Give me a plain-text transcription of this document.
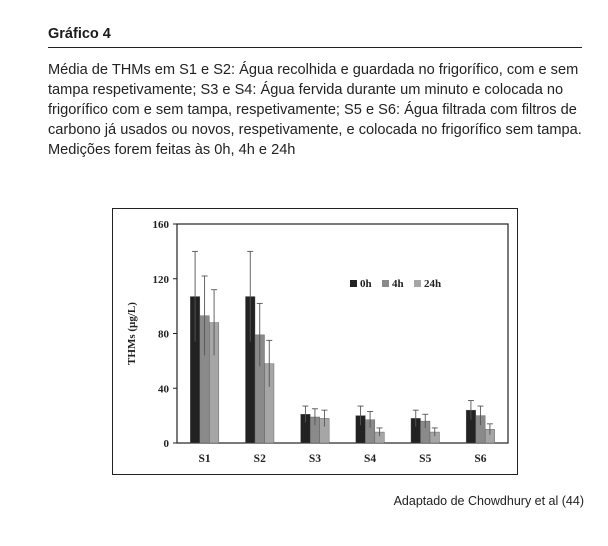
Gráfico 4
Média de THMs em S1 e S2: Água recolhida e guardada no frigorífico, com e sem tampa respetivamente; S3 e S4: Água fervida durante um minuto e colocada no frigorífico com e sem tampa, respetivamente; S5 e S6: Água filtrada com filtros de carbono já usados ou novos, respetivamente, e colocada no frigorífico sem tampa. Medições forem feitas às 0h, 4h e 24h
0
40
80
120
160
THMs (µg/L)
S1	S2	S3	S4	S5	S6
0h 4h 24h
Adaptado de Chowdhury et al (44)
